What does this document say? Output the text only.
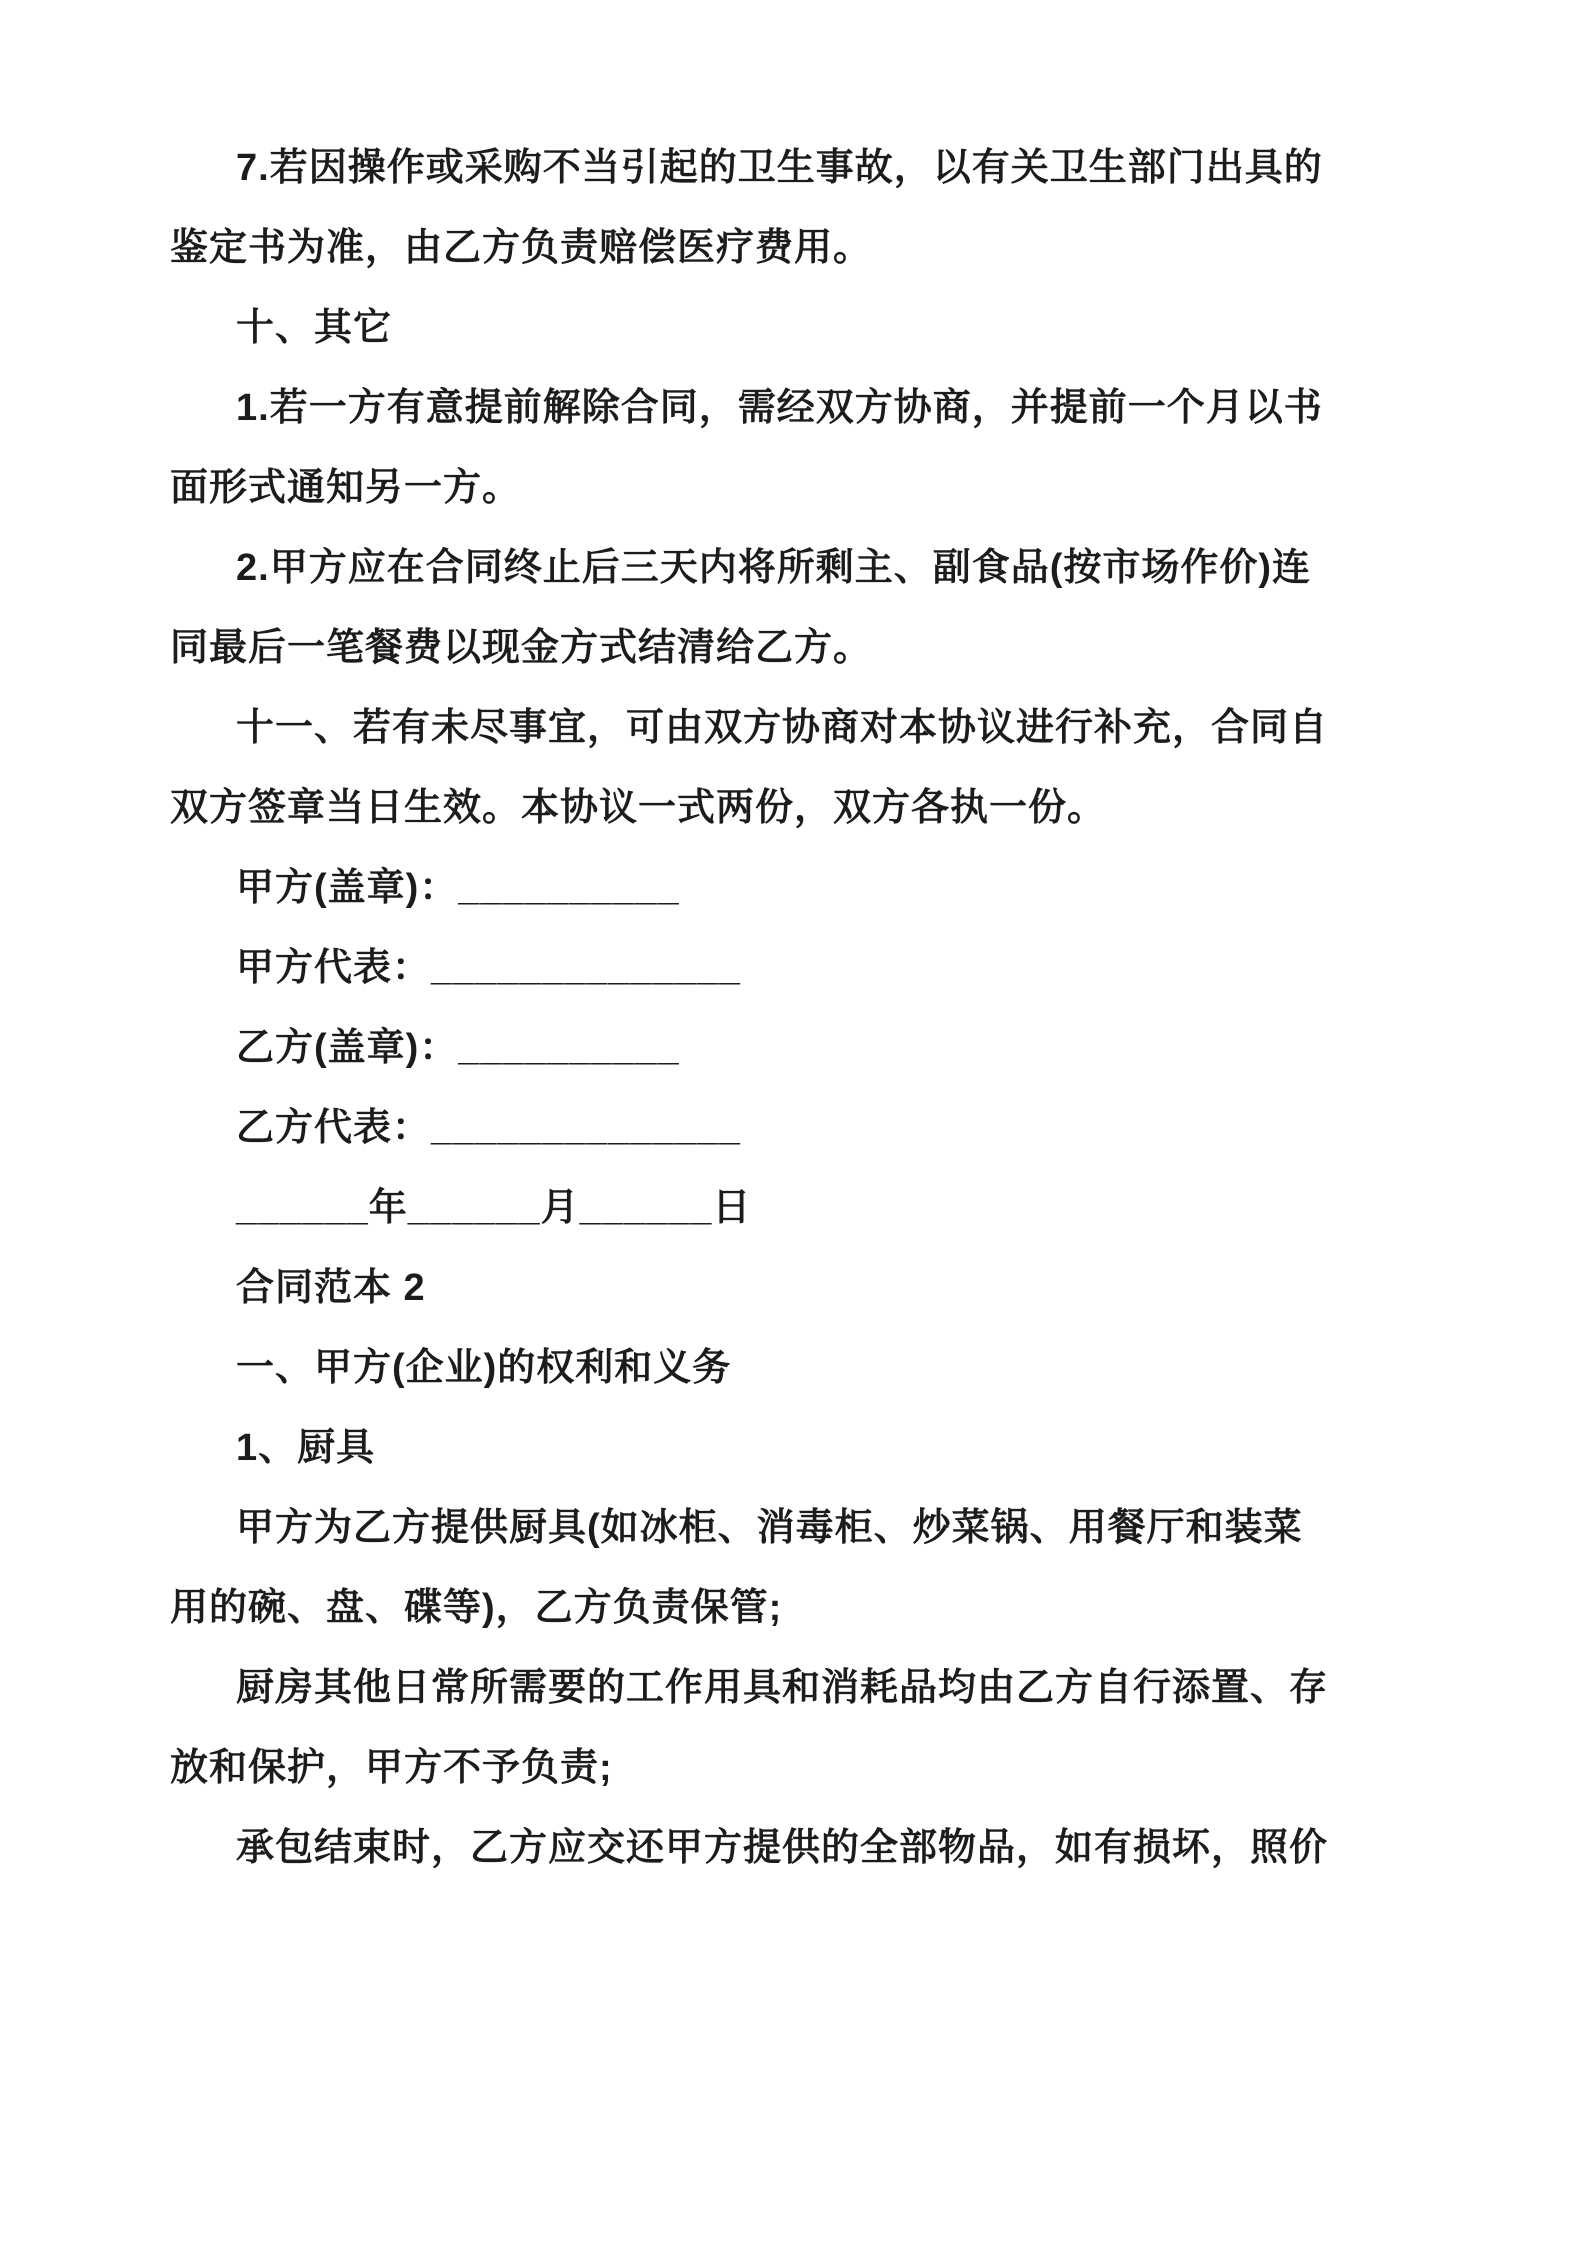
7.若因操作或采购不当引起的卫生事故，以有关卫生部门出具的
鉴定书为准，由乙方负责赔偿医疗费用。
十、其它
1.若一方有意提前解除合同，需经双方协商，并提前一个月以书
面形式通知另一方。
2.甲方应在合同终止后三天内将所剩主、副食品(按市场作价)连
同最后一笔餐费以现金方式结清给乙方。
十一、若有未尽事宜，可由双方协商对本协议进行补充，合同自
双方签章当日生效。本协议一式两份，双方各执一份。
甲方(盖章)：__________
甲方代表：______________
乙方(盖章)：__________
乙方代表：______________
______年______月______日
合同范本 2
一、甲方(企业)的权利和义务
1、厨具
甲方为乙方提供厨具(如冰柜、消毒柜、炒菜锅、用餐厅和装菜
用的碗、盘、碟等)，乙方负责保管;
厨房其他日常所需要的工作用具和消耗品均由乙方自行添置、存
放和保护，甲方不予负责;
承包结束时，乙方应交还甲方提供的全部物品，如有损坏，照价
